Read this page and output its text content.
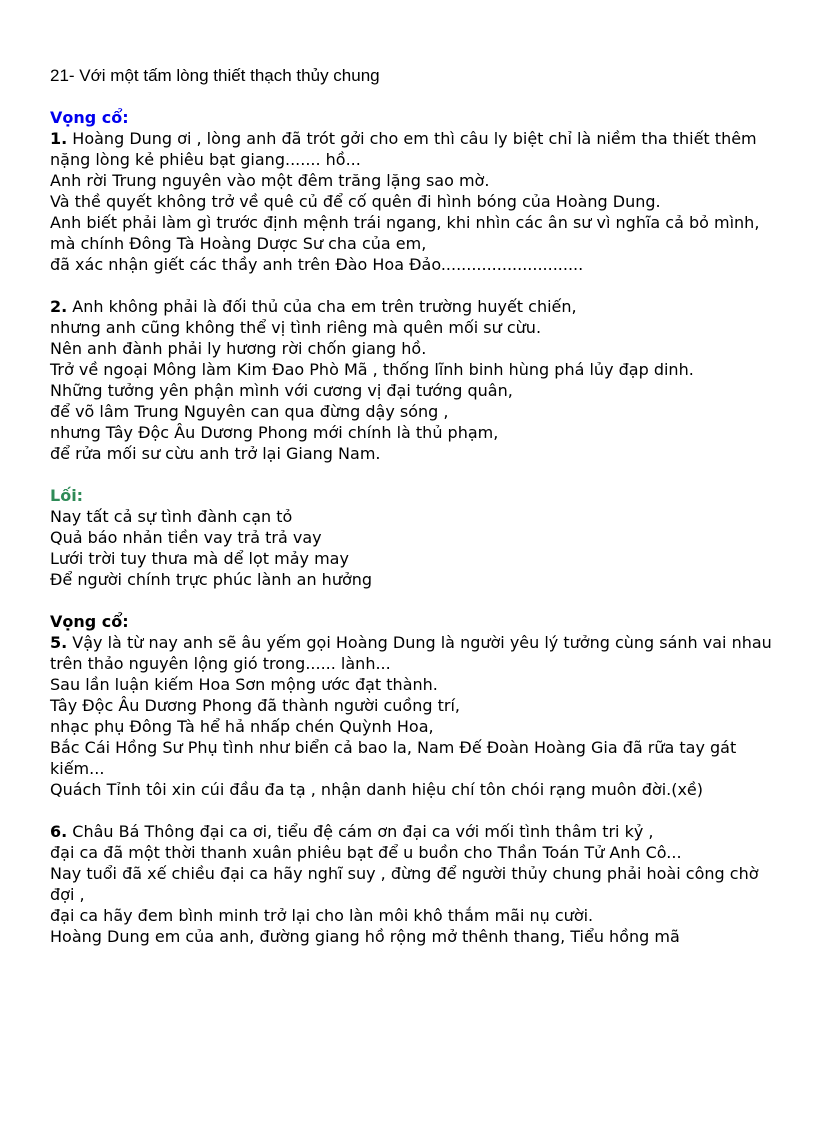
21- Với một tấm lòng thiết thạch thủy chung

Vọng cổ:

1. Hoàng Dung ơi , lòng anh đã trót gởi cho em thì câu ly biệt chỉ là niềm tha thiết thêm nặng lòng kẻ phiêu bạt giang....... hồ...

Anh rời Trung nguyên vào một đêm trăng lặng sao mờ.

Và thề quyết không trở về quê củ để cố quên đi hình bóng của Hoàng Dung.

Anh biết phải làm gì trước định mệnh trái ngang, khi nhìn các ân sư vì nghĩa cả bỏ mình,

mà chính Đông Tà Hoàng Dược Sư cha của em,

đã xác nhận giết các thầy anh trên Đào Hoa Đảo............................

2. Anh không phải là đối thủ của cha em trên trường huyết chiến,

nhưng anh cũng không thể vị tình riêng mà quên mối sư cừu.

Nên anh đành phải ly hương rời chốn giang hồ.

Trở về ngoại Mông làm Kim Đao Phò Mã , thống lĩnh binh hùng phá lủy đạp dinh.

Những tưởng yên phận mình với cương vị đại tướng quân,

để võ lâm Trung Nguyên can qua đừng dậy sóng ,

nhưng Tây Độc Âu Dương Phong mới chính là thủ phạm,

để rửa mối sư cừu anh trở lại Giang Nam.

Lối:

Nay tất cả sự tình đành cạn tỏ

Quả báo nhản tiền vay trả trả vay

Lưới trời tuy thưa mà dể lọt mảy may

Để người chính trực phúc lành an hưởng

Vọng cổ:

5. Vậy là từ nay anh sẽ âu yếm gọi Hoàng Dung là người yêu lý tưởng cùng sánh vai nhau trên thảo nguyên lộng gió trong...... lành...

Sau lần luận kiếm Hoa Sơn mộng ước đạt thành.

Tây Độc Âu Dương Phong đã thành người cuồng trí,

nhạc phụ Đông Tà hể hả nhấp chén Quỳnh Hoa,

Bắc Cái Hồng Sư Phụ tình như biển cả bao la, Nam Đế Đoàn Hoàng Gia đã rữa tay gát kiếm...

Quách Tỉnh tôi xin cúi đầu đa tạ , nhận danh hiệu chí tôn chói rạng muôn đời.(xề)

6. Châu Bá Thông đại ca ơi, tiểu đệ cám ơn đại ca với mối tình thâm tri kỷ ,

đại ca đã một thời thanh xuân phiêu bạt để u buồn cho Thần Toán Tử Anh Cô...

Nay tuổi đã xế chiều đại ca hãy nghĩ suy , đừng để người thủy chung phải hoài công chờ đợi ,

đại ca hãy đem bình minh trở lại cho làn môi khô thắm mãi nụ cười.

Hoàng Dung em của anh, đường giang hồ rộng mở thênh thang, Tiểu hồng mã
